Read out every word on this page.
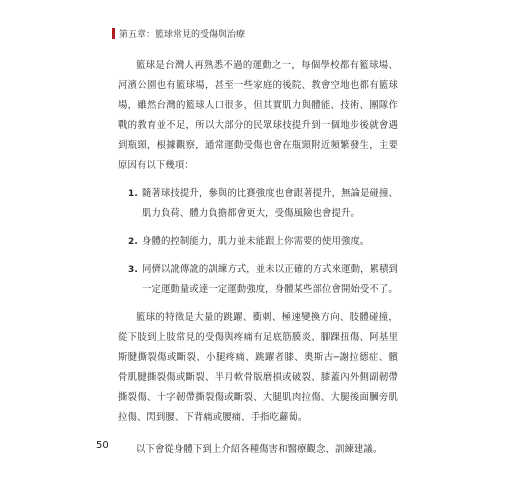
第五章：籃球常見的受傷與治療

籃球是台灣人再熟悉不過的運動之一，每個學校都有籃球場、河濱公園也有籃球場，甚至一些家庭的後院、教會空地也都有籃球場，雖然台灣的籃球人口很多，但其實肌力與體能、技術、團隊作戰的教育並不足，所以大部分的民眾球技提升到一個地步後就會遇到瓶頸，根據觀察，通常運動受傷也會在瓶頸附近頻繁發生，主要原因有以下幾項：

1. 隨著球技提升，參與的比賽強度也會跟著提升，無論是碰撞、肌力負荷、體力負擔都會更大，受傷風險也會提升。
2. 身體的控制能力，肌力並未能跟上你需要的使用強度。
3. 同儕以訛傳訛的訓練方式，並未以正確的方式來運動，累積到一定運動量或達一定運動強度，身體某些部位會開始受不了。

籃球的特徵是大量的跳躍、衝刺、極速變換方向、肢體碰撞，從下肢到上肢常見的受傷與疼痛有足底筋膜炎、腳踝扭傷、阿基里斯腱撕裂傷或斷裂、小腿疼痛、跳躍者膝、奧斯古─謝拉德症、髕骨肌腱撕裂傷或斷裂、半月軟骨版磨損或破裂、膝蓋內外側副韌帶撕裂傷、十字韌帶撕裂傷或斷裂、大腿肌肉拉傷、大腿後面膕旁肌拉傷、閃到腰、下背痛或腰痛、手指吃蘿蔔。

以下會從身體下到上介紹各種傷害和醫療觀念、訓練建議。

50
